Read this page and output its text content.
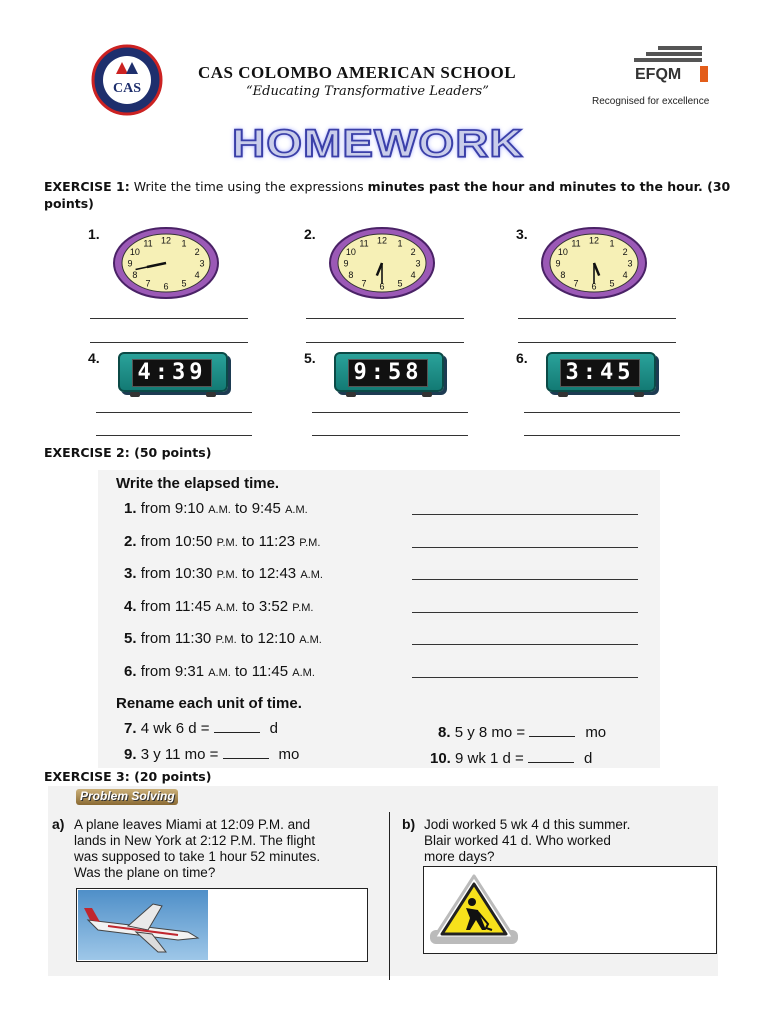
CAS
CAS COLOMBO AMERICAN SCHOOL
“Educating Transformative Leaders”
EFQM
Recognised for excellence
HOMEWORK
EXERCISE 1: Write the time using the expressions minutes past the hour and minutes to the hour. (30 points)
1.
1
2
3
4
5
6
7
8
9
10
11 12	2.
1
2
3
4
5
6
7
8
9
10
11 12	3.
1
2
3
4
5
6
7
8
9
10
11 12
4.
4:39
5.
9:58
6.
3:45
EXERCISE 2: (50 points)
Write the elapsed time.
1. from 9:10 A.M. to 9:45 A.M.
2. from 10:50 P.M. to 11:23 P.M.
3. from 10:30 P.M. to 12:43 A.M.
4. from 11:45 A.M. to 3:52 P.M.
5. from 11:30 P.M. to 12:10 A.M.
6. from 9:31 A.M. to 11:45 A.M.
Rename each unit of time.
7. 4 wk 6 d =	d	8. 5 y 8 mo =	mo
9. 3 y 11 mo =	mo	10. 9 wk 1 d =	d
EXERCISE 3: (20 points)
Problem Solving
a) A plane leaves Miami at 12:09 P.M. and
lands in New York at 2:12 P.M. The flight
was supposed to take 1 hour 52 minutes.
Was the plane on time?
b) Jodi worked 5 wk 4 d this summer.
Blair worked 41 d. Who worked
more days?
